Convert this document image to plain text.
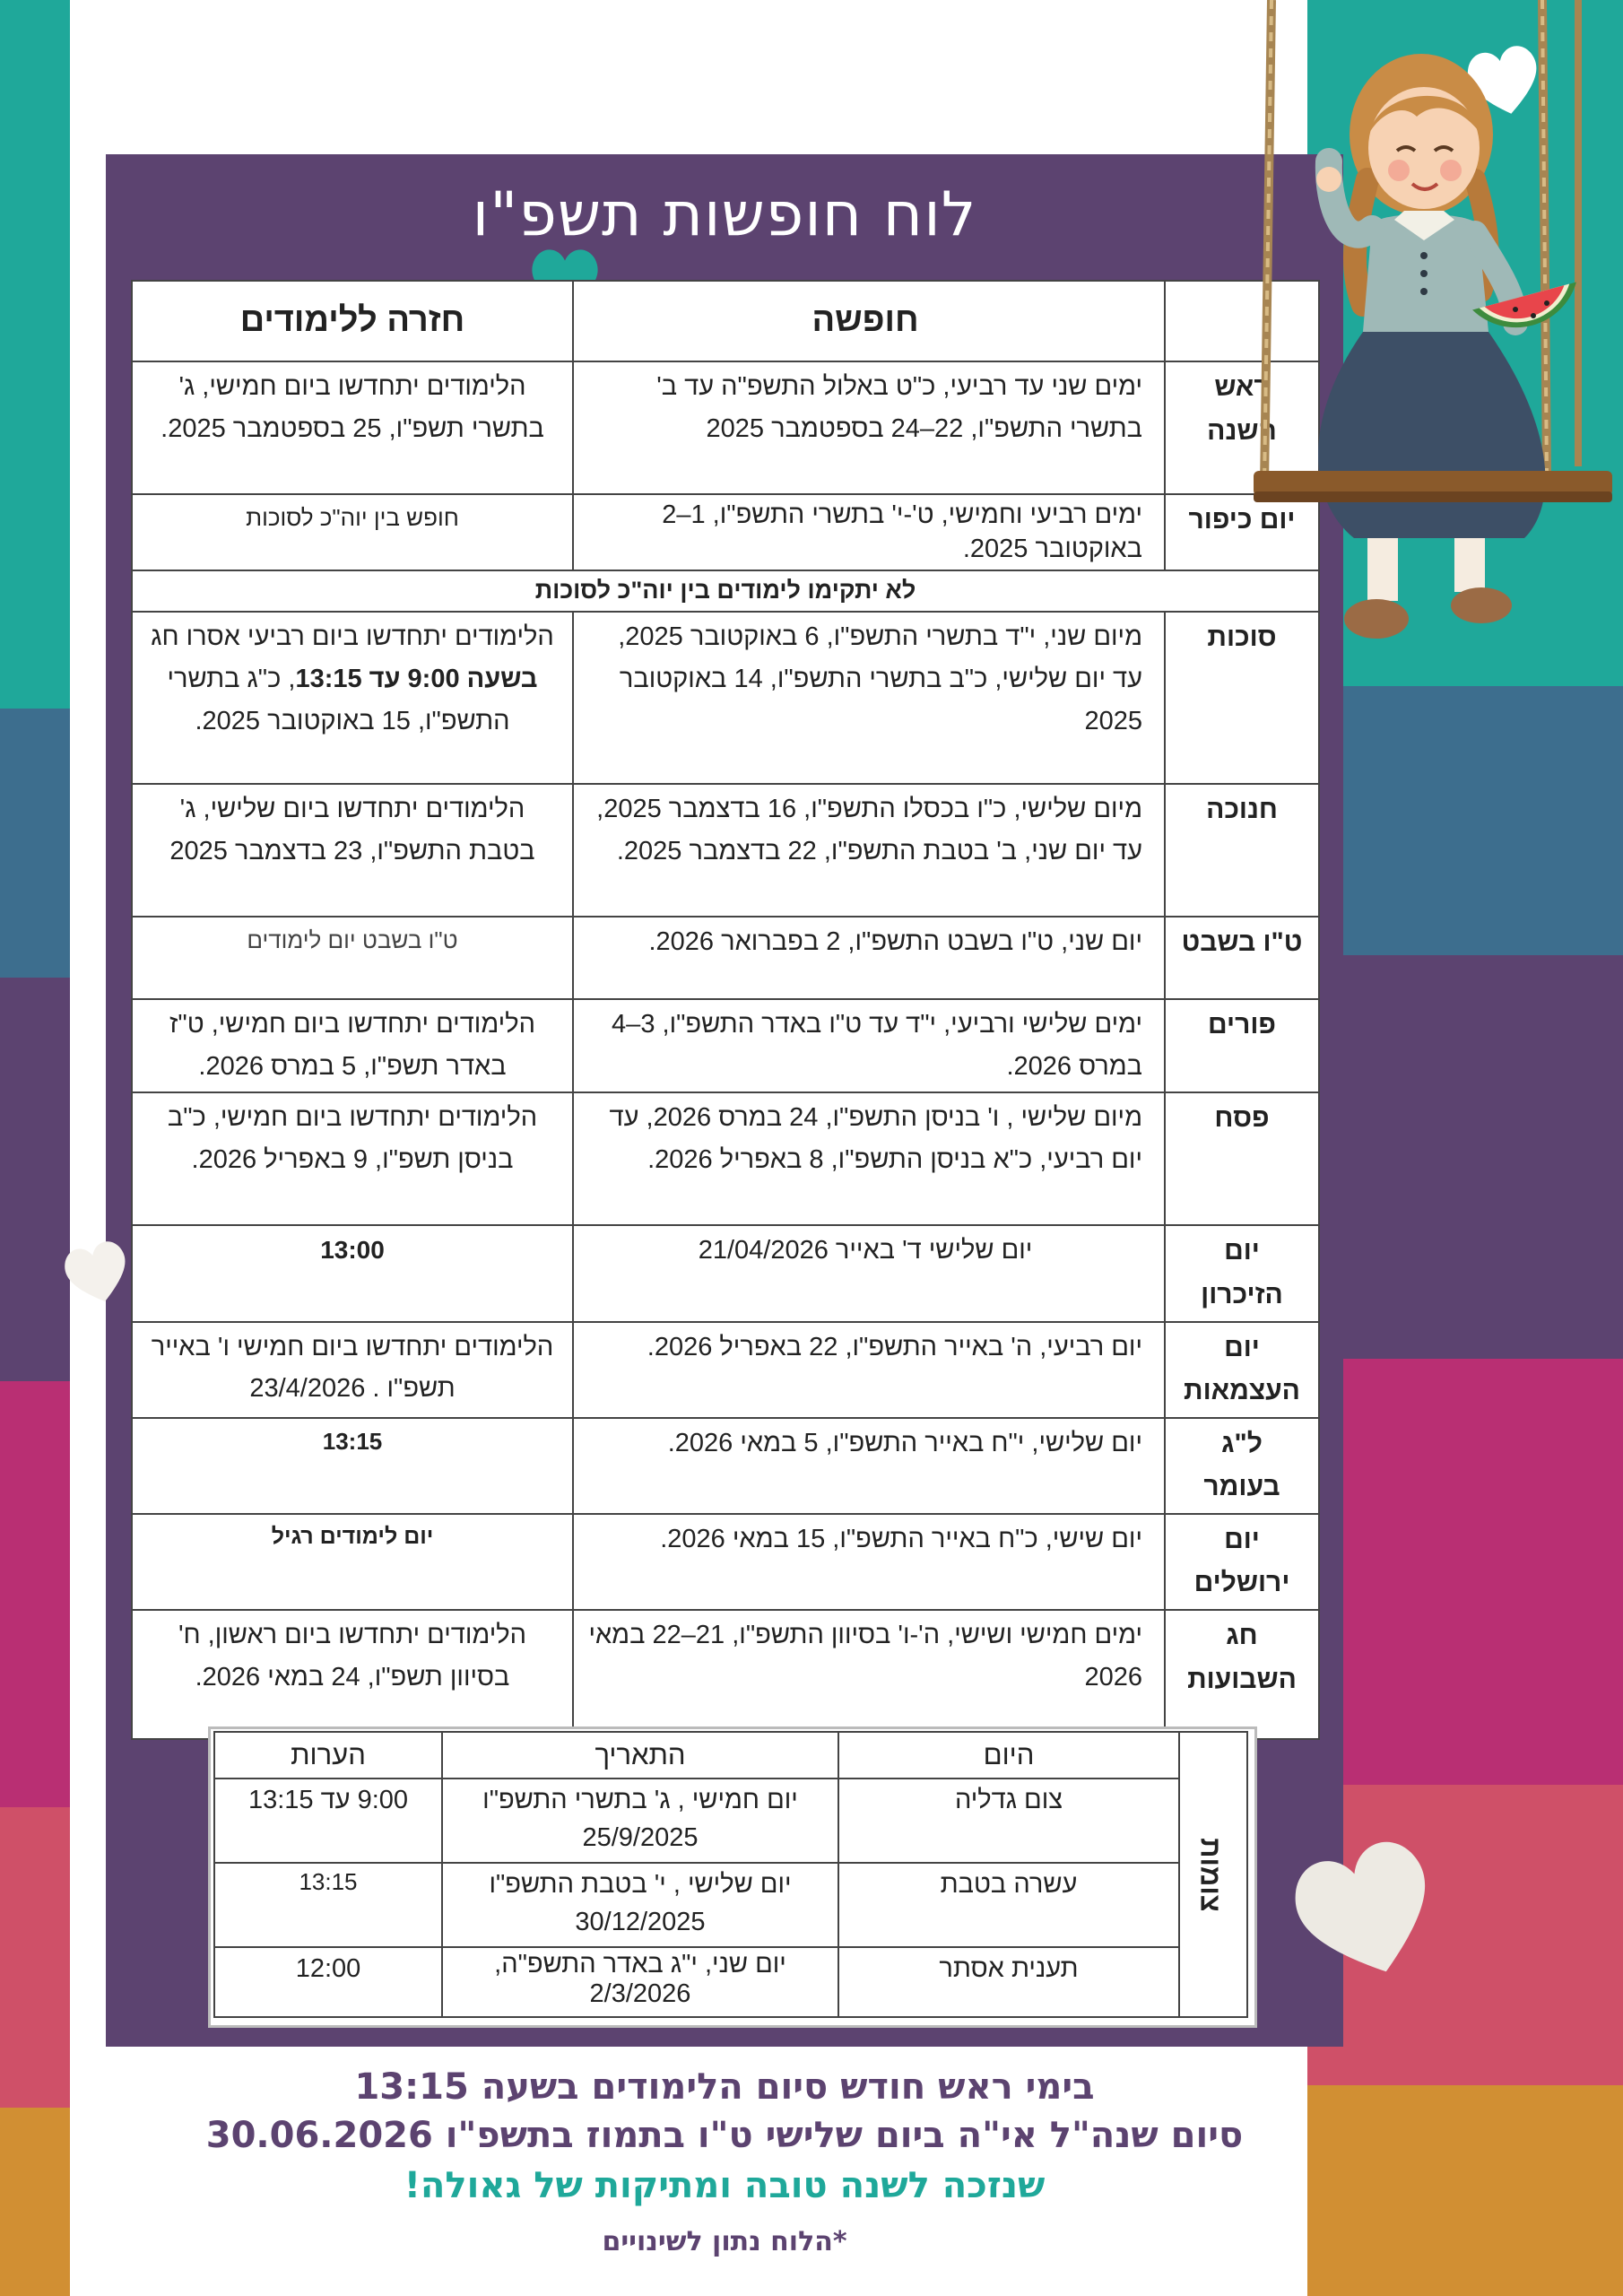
לוח חופשות תשפ"ו
	חופשה	חזרה ללימודים
ראש השנה	ימים שני עד רביעי, כ"ט באלול התשפ"ה עד ב' בתשרי התשפ"ו, 22–24 בספטמבר 2025	הלימודים יתחדשו ביום חמישי, ג' בתשרי תשפ"ו, 25 בספטמבר 2025.
יום כיפור	ימים רביעי וחמישי, ט'-י' בתשרי התשפ"ו, 1–2 באוקטובר 2025.	חופש בין יוה"כ לסוכות
לא יתקימו לימודים בין יוה"כ לסוכות		
סוכות	מיום שני, י"ד בתשרי התשפ"ו, 6 באוקטובר 2025, עד יום שלישי, כ"ב בתשרי התשפ"ו, 14 באוקטובר 2025	הלימודים יתחדשו ביום רביעי אסרו חג בשעה 9:00 עד 13:15, כ"ג בתשרי התשפ"ו, 15 באוקטובר 2025.
חנוכה	מיום שלישי, כ"ו בכסלו התשפ"ו, 16 בדצמבר 2025, עד יום שני, ב' בטבת התשפ"ו, 22 בדצמבר 2025.	הלימודים יתחדשו ביום שלישי, ג' בטבת התשפ"ו, 23 בדצמבר 2025
ט"ו בשבט	יום שני, ט"ו בשבט התשפ"ו, 2 בפברואר 2026.	ט"ו בשבט יום לימודים
פורים	ימים שלישי ורביעי, י"ד עד ט"ו באדר התשפ"ו, 3–4 במרס 2026.	הלימודים יתחדשו ביום חמישי, ט"ז באדר תשפ"ו, 5 במרס 2026.
פסח	מיום שלישי , ו' בניסן התשפ"ו, 24 במרס 2026, עד יום רביעי, כ"א בניסן התשפ"ו, 8 באפריל 2026.	הלימודים יתחדשו ביום חמישי, כ"ב בניסן תשפ"ו, 9 באפריל 2026.
יום הזיכרון	יום שלישי ד' באייר 21/04/2026	13:00
יום העצמאות	יום רביעי, ה' באייר התשפ"ו, 22 באפריל 2026.	הלימודים יתחדשו ביום חמישי ו' באייר תשפ"ו . 23/4/2026
ל"ג בעומר	יום שלישי, י"ח באייר התשפ"ו, 5 במאי 2026.	13:15
יום ירושלים	יום שישי, כ"ח באייר התשפ"ו, 15 במאי 2026.	יום לימודים רגיל
חג השבועות	ימים חמישי ושישי, ה'-ו' בסיוון התשפ"ו, 21–22 במאי 2026	הלימודים יתחדשו ביום ראשון, ח' בסיוון תשפ"ו, 24 במאי 2026.
צומות	היום	התאריך	הערות
	צום גדליה	יום חמישי , ג' בתשרי התשפ"ו 25/9/2025	9:00 עד 13:15
	עשרה בטבת	יום שלישי , י' בטבת התשפ"ו 30/12/2025	13:15
	תענית אסתר	יום שני, י"ג באדר התשפ"ה, 2/3/2026	12:00
בימי ראש חודש סיום הלימודים בשעה 13:15
סיום שנה"ל אי"ה ביום שלישי ט"ו בתמוז בתשפ"ו 30.06.2026
שנזכה לשנה טובה ומתיקות של גאולה!
*הלוח נתון לשינויים
